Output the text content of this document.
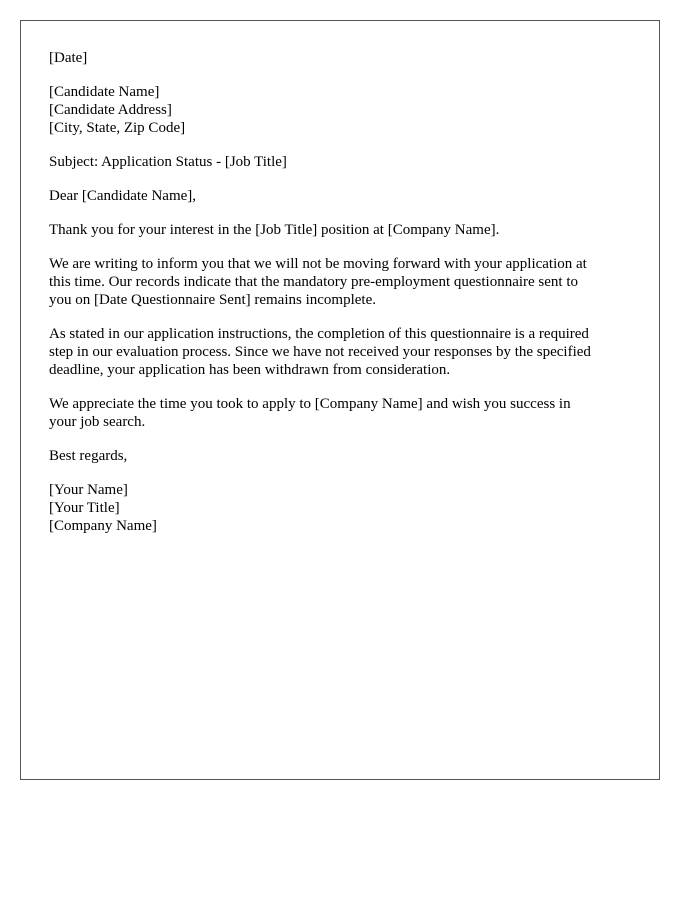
[Date]
[Candidate Name]
[Candidate Address]
[City, State, Zip Code]
Subject: Application Status - [Job Title]
Dear [Candidate Name],
Thank you for your interest in the [Job Title] position at [Company Name].
We are writing to inform you that we will not be moving forward with your application at
this time. Our records indicate that the mandatory pre-employment questionnaire sent to
you on [Date Questionnaire Sent] remains incomplete.
As stated in our application instructions, the completion of this questionnaire is a required
step in our evaluation process. Since we have not received your responses by the specified
deadline, your application has been withdrawn from consideration.
We appreciate the time you took to apply to [Company Name] and wish you success in
your job search.
Best regards,
[Your Name]
[Your Title]
[Company Name]
